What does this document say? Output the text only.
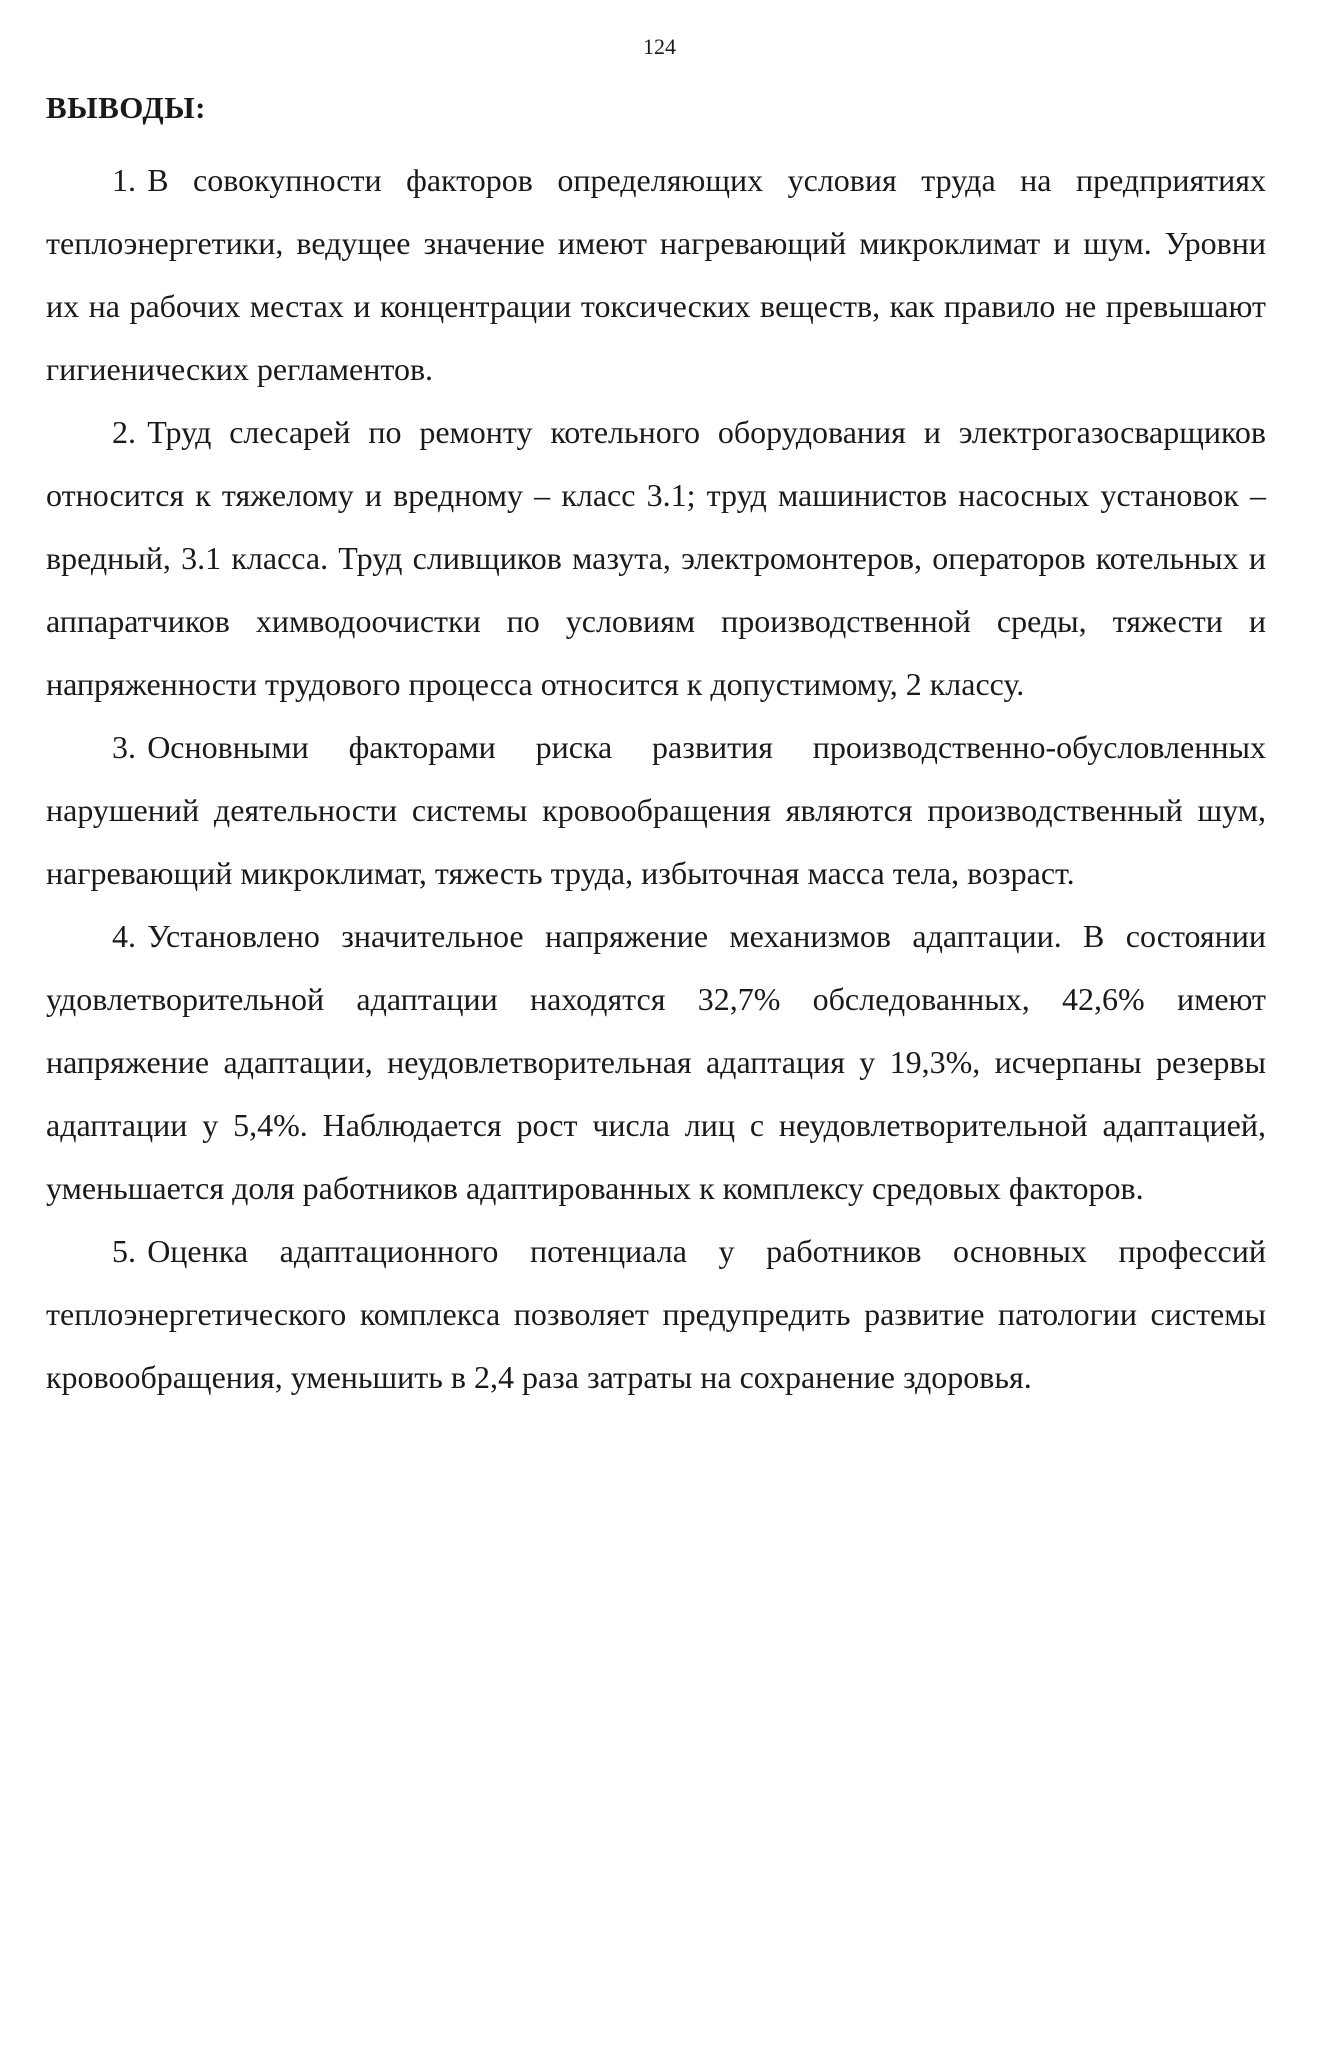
124
ВЫВОДЫ:

1. В совокупности факторов определяющих условия труда на предприятиях теплоэнергетики, ведущее значение имеют нагревающий микроклимат и шум. Уровни их на рабочих местах и концентрации токсических веществ, как правило не превышают гигиенических регламентов.

2. Труд слесарей по ремонту котельного оборудования и электрогазосварщиков относится к тяжелому и вредному – класс 3.1; труд машинистов насосных установок – вредный, 3.1 класса. Труд сливщиков мазута, электромонтеров, операторов котельных и аппаратчиков химводоочистки по условиям производственной среды, тяжести и напряженности трудового процесса относится к допустимому, 2 классу.

3. Основными факторами риска развития производственно-обусловленных нарушений деятельности системы кровообращения являются производственный шум, нагревающий микроклимат, тяжесть труда, избыточная масса тела, возраст.

4. Установлено значительное напряжение механизмов адаптации. В состоянии удовлетворительной адаптации находятся 32,7% обследованных, 42,6% имеют напряжение адаптации, неудовлетворительная адаптация у 19,3%, исчерпаны резервы адаптации у 5,4%. Наблюдается рост числа лиц с неудовлетворительной адаптацией, уменьшается доля работников адаптированных к комплексу средовых факторов.

5. Оценка адаптационного потенциала у работников основных профессий теплоэнергетического комплекса позволяет предупредить развитие патологии системы кровообращения, уменьшить в 2,4 раза затраты на сохранение здоровья.
